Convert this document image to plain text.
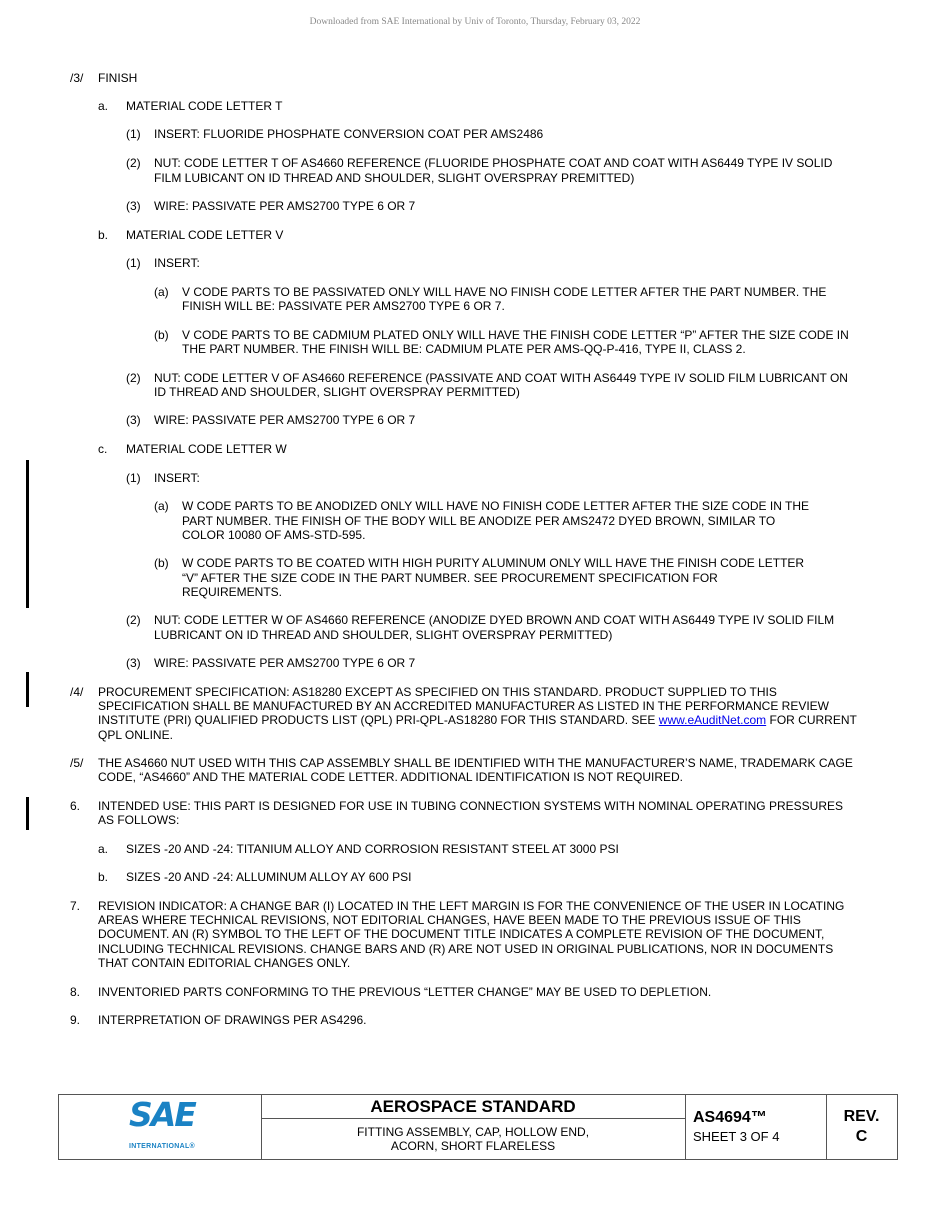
Downloaded from SAE International by Univ of Toronto, Thursday, February 03, 2022
/3/ FINISH
a. MATERIAL CODE LETTER T
(1) INSERT: FLUORIDE PHOSPHATE CONVERSION COAT PER AMS2486
(2) NUT: CODE LETTER T OF AS4660 REFERENCE (FLUORIDE PHOSPHATE COAT AND COAT WITH AS6449 TYPE IV SOLID
FILM LUBICANT ON ID THREAD AND SHOULDER, SLIGHT OVERSPRAY PREMITTED)
(3) WIRE: PASSIVATE PER AMS2700 TYPE 6 OR 7
b. MATERIAL CODE LETTER V
(1) INSERT:
(a) V CODE PARTS TO BE PASSIVATED ONLY WILL HAVE NO FINISH CODE LETTER AFTER THE PART NUMBER. THE
FINISH WILL BE: PASSIVATE PER AMS2700 TYPE 6 OR 7.
(b) V CODE PARTS TO BE CADMIUM PLATED ONLY WILL HAVE THE FINISH CODE LETTER “P” AFTER THE SIZE CODE IN
THE PART NUMBER. THE FINISH WILL BE: CADMIUM PLATE PER AMS-QQ-P-416, TYPE II, CLASS 2.
(2) NUT: CODE LETTER V OF AS4660 REFERENCE (PASSIVATE AND COAT WITH AS6449 TYPE IV SOLID FILM LUBRICANT ON
ID THREAD AND SHOULDER, SLIGHT OVERSPRAY PERMITTED)
(3) WIRE: PASSIVATE PER AMS2700 TYPE 6 OR 7
c. MATERIAL CODE LETTER W
(1) INSERT:
(a) W CODE PARTS TO BE ANODIZED ONLY WILL HAVE NO FINISH CODE LETTER AFTER THE SIZE CODE IN THE
PART NUMBER. THE FINISH OF THE BODY WILL BE ANODIZE PER AMS2472 DYED BROWN, SIMILAR TO
COLOR 10080 OF AMS-STD-595.
(b) W CODE PARTS TO BE COATED WITH HIGH PURITY ALUMINUM ONLY WILL HAVE THE FINISH CODE LETTER
“V” AFTER THE SIZE CODE IN THE PART NUMBER. SEE PROCUREMENT SPECIFICATION FOR
REQUIREMENTS.
(2) NUT: CODE LETTER W OF AS4660 REFERENCE (ANODIZE DYED BROWN AND COAT WITH AS6449 TYPE IV SOLID FILM
LUBRICANT ON ID THREAD AND SHOULDER, SLIGHT OVERSPRAY PERMITTED)
(3) WIRE: PASSIVATE PER AMS2700 TYPE 6 OR 7
/4/ PROCUREMENT SPECIFICATION: AS18280 EXCEPT AS SPECIFIED ON THIS STANDARD. PRODUCT SUPPLIED TO THIS
SPECIFICATION SHALL BE MANUFACTURED BY AN ACCREDITED MANUFACTURER AS LISTED IN THE PERFORMANCE REVIEW
INSTITUTE (PRI) QUALIFIED PRODUCTS LIST (QPL) PRI-QPL-AS18280 FOR THIS STANDARD. SEE www.eAuditNet.com FOR CURRENT
QPL ONLINE.
/5/ THE AS4660 NUT USED WITH THIS CAP ASSEMBLY SHALL BE IDENTIFIED WITH THE MANUFACTURER’S NAME, TRADEMARK CAGE
CODE, “AS4660” AND THE MATERIAL CODE LETTER. ADDITIONAL IDENTIFICATION IS NOT REQUIRED.
6. INTENDED USE: THIS PART IS DESIGNED FOR USE IN TUBING CONNECTION SYSTEMS WITH NOMINAL OPERATING PRESSURES
AS FOLLOWS:
a. SIZES -20 AND -24: TITANIUM ALLOY AND CORROSION RESISTANT STEEL AT 3000 PSI
b. SIZES -20 AND -24: ALLUMINUM ALLOY AY 600 PSI
7. REVISION INDICATOR: A CHANGE BAR (I) LOCATED IN THE LEFT MARGIN IS FOR THE CONVENIENCE OF THE USER IN LOCATING
AREAS WHERE TECHNICAL REVISIONS, NOT EDITORIAL CHANGES, HAVE BEEN MADE TO THE PREVIOUS ISSUE OF THIS
DOCUMENT. AN (R) SYMBOL TO THE LEFT OF THE DOCUMENT TITLE INDICATES A COMPLETE REVISION OF THE DOCUMENT,
INCLUDING TECHNICAL REVISIONS. CHANGE BARS AND (R) ARE NOT USED IN ORIGINAL PUBLICATIONS, NOR IN DOCUMENTS
THAT CONTAIN EDITORIAL CHANGES ONLY.
8. INVENTORIED PARTS CONFORMING TO THE PREVIOUS “LETTER CHANGE” MAY BE USED TO DEPLETION.
9. INTERPRETATION OF DRAWINGS PER AS4296.
SAE
INTERNATIONAL®
AEROSPACE STANDARD
FITTING ASSEMBLY, CAP, HOLLOW END,
ACORN, SHORT FLARELESS
AS4694™
SHEET 3 OF 4
REV.
C
